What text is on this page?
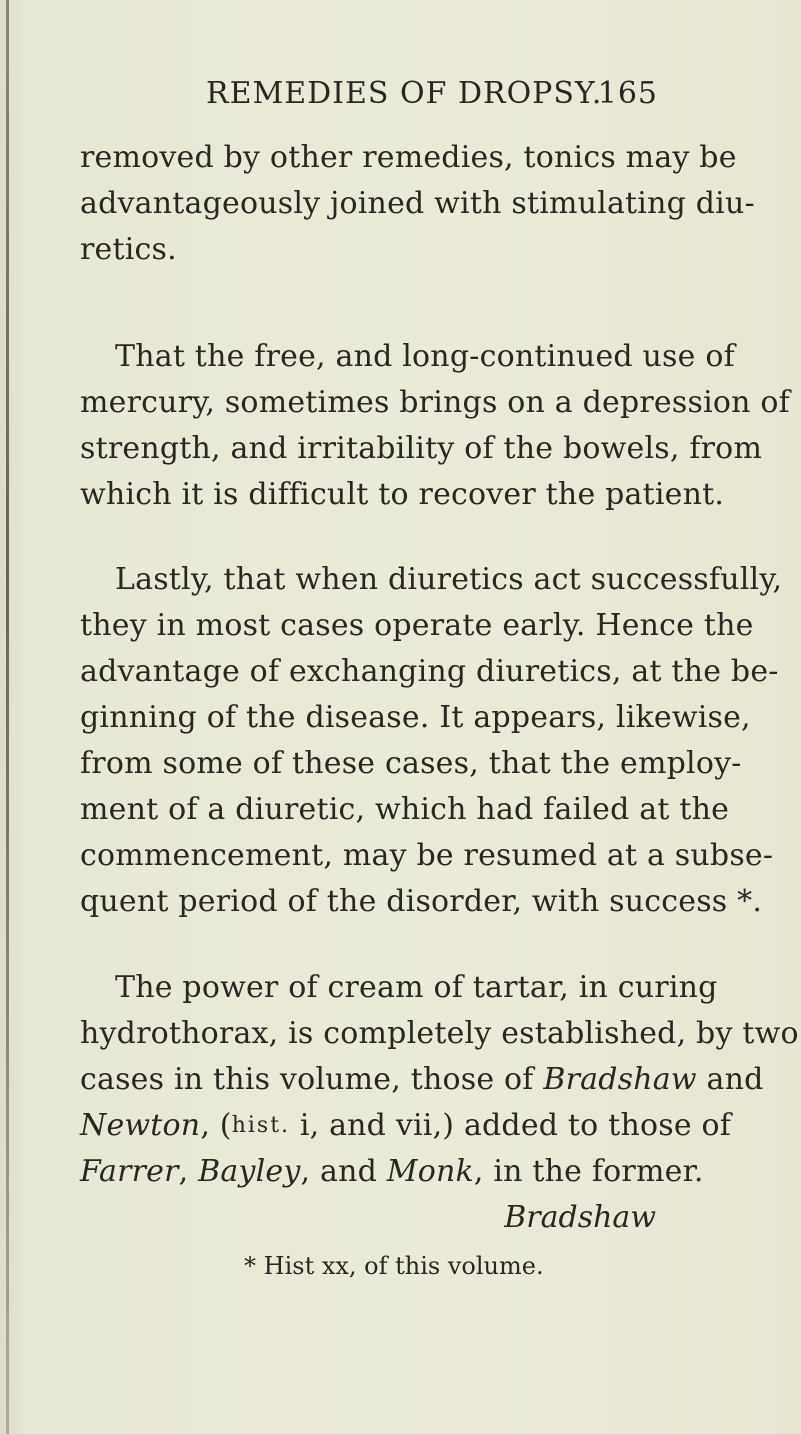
REMEDIES OF DROPSY.
165
removed by other remedies, tonics may be
advantageously joined with stimulating diu-
retics.
That the free, and long-continued use of
mercury, sometimes brings on a depression of
strength, and irritability of the bowels, from
which it is difficult to recover the patient.
Lastly, that when diuretics act successfully,
they in most cases operate early. Hence the
advantage of exchanging diuretics, at the be-
ginning of the disease. It appears, likewise,
from some of these cases, that the employ-
ment of a diuretic, which had failed at the
commencement, may be resumed at a subse-
quent period of the disorder, with success *.
The power of cream of tartar, in curing
hydrothorax, is completely established, by two
cases in this volume, those of
Bradshaw
and
Newton , ( hist.
i, and vii,) added to those of
Farrer , Bayley , and
Monk , in the former.
Bradshaw
* Hist xx, of this volume.
